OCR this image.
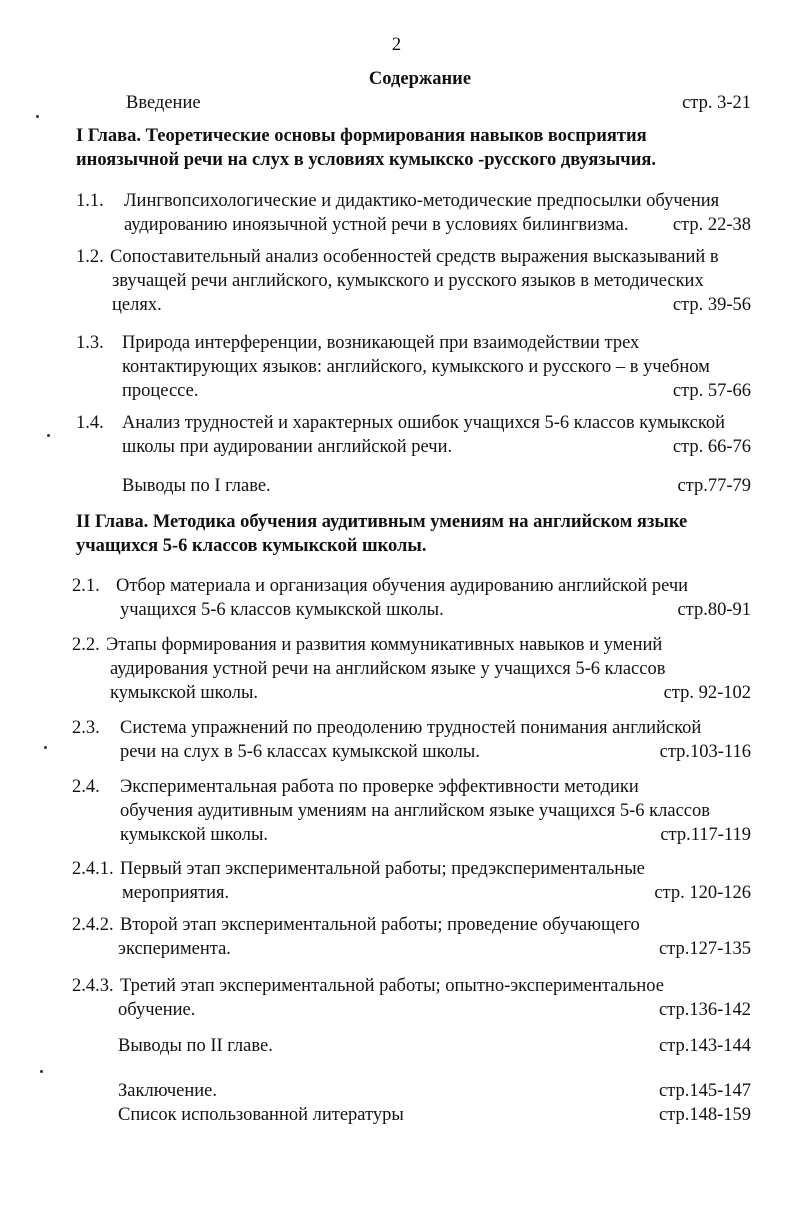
2
Содержание
Введение	стр. 3-21
I Глава. Теоретические основы формирования навыков восприятия
иноязычной речи на слух в условиях кумыкско -русского двуязычия.
1.1. Лингвопсихологические и дидактико-методические предпосылки обучения
аудированию иноязычной устной речи в условиях билингвизма. стр. 22-38
1.2. Сопоставительный анализ особенностей средств выражения высказываний в
звучащей речи английского, кумыкского и русского языков в методических
целях.	стр. 39-56
1.3. Природа интерференции, возникающей при взаимодействии трех
контактирующих языков: английского, кумыкского и русского – в учебном
процессе.	стр. 57-66
1.4. Анализ трудностей и характерных ошибок учащихся 5-6 классов кумыкской
школы при аудировании английской речи.	стр. 66-76
Выводы по I главе.	стр.77-79
II Глава. Методика обучения аудитивным умениям на английском языке
учащихся 5-6 классов кумыкской школы.
2.1. Отбор материала и организация обучения аудированию английской речи
учащихся 5-6 классов кумыкской школы.	стр.80-91
2.2. Этапы формирования и развития коммуникативных навыков и умений
аудирования устной речи на английском языке у учащихся 5-6 классов
кумыкской школы.	стр. 92-102
2.3. Система упражнений по преодолению трудностей понимания английской
речи на слух в 5-6 классах кумыкской школы.	стр.103-116
2.4. Экспериментальная работа по проверке эффективности методики
обучения аудитивным умениям на английском языке учащихся 5-6 классов
кумыкской школы.	стр.117-119
2.4.1. Первый этап экспериментальной работы; предэкспериментальные
мероприятия.	стр. 120-126
2.4.2. Второй этап экспериментальной работы; проведение обучающего
эксперимента.	стр.127-135
2.4.3. Третий этап экспериментальной работы; опытно-экспериментальное
обучение.	стр.136-142
Выводы по II главе.	стр.143-144
Заключение.	стр.145-147
Список использованной литературы	стр.148-159
